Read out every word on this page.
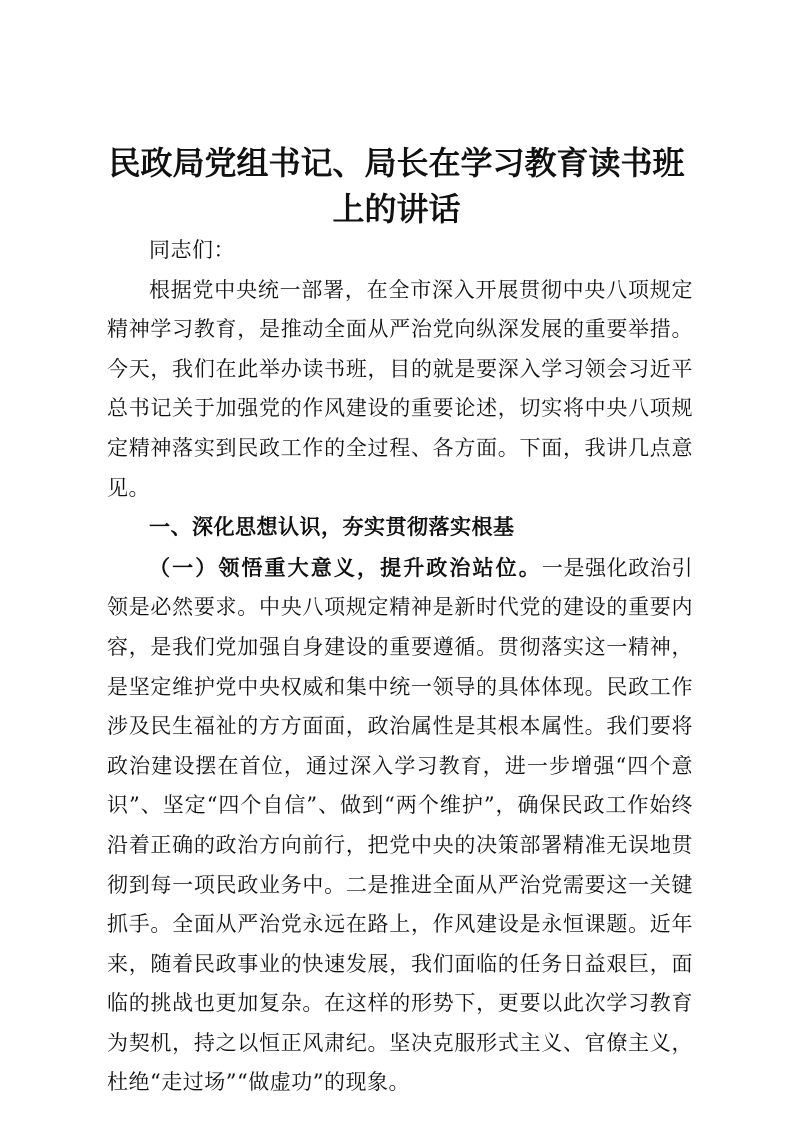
民政局党组书记、局长在学习教育读书班上的讲话

同志们：

根据党中央统一部署，在全市深入开展贯彻中央八项规定精神学习教育，是推动全面从严治党向纵深发展的重要举措。今天，我们在此举办读书班，目的就是要深入学习领会习近平总书记关于加强党的作风建设的重要论述，切实将中央八项规定精神落实到民政工作的全过程、各方面。下面，我讲几点意见。

一、深化思想认识，夯实贯彻落实根基

（一）领悟重大意义，提升政治站位。一是强化政治引领是必然要求。中央八项规定精神是新时代党的建设的重要内容，是我们党加强自身建设的重要遵循。贯彻落实这一精神，是坚定维护党中央权威和集中统一领导的具体体现。民政工作涉及民生福祉的方方面面，政治属性是其根本属性。我们要将政治建设摆在首位，通过深入学习教育，进一步增强“四个意识”、坚定“四个自信”、做到“两个维护”，确保民政工作始终沿着正确的政治方向前行，把党中央的决策部署精准无误地贯彻到每一项民政业务中。二是推进全面从严治党需要这一关键抓手。全面从严治党永远在路上，作风建设是永恒课题。近年来，随着民政事业的快速发展，我们面临的任务日益艰巨，面临的挑战也更加复杂。在这样的形势下，更要以此次学习教育为契机，持之以恒正风肃纪。坚决克服形式主义、官僚主义，杜绝“走过场”“做虚功”的现象。
